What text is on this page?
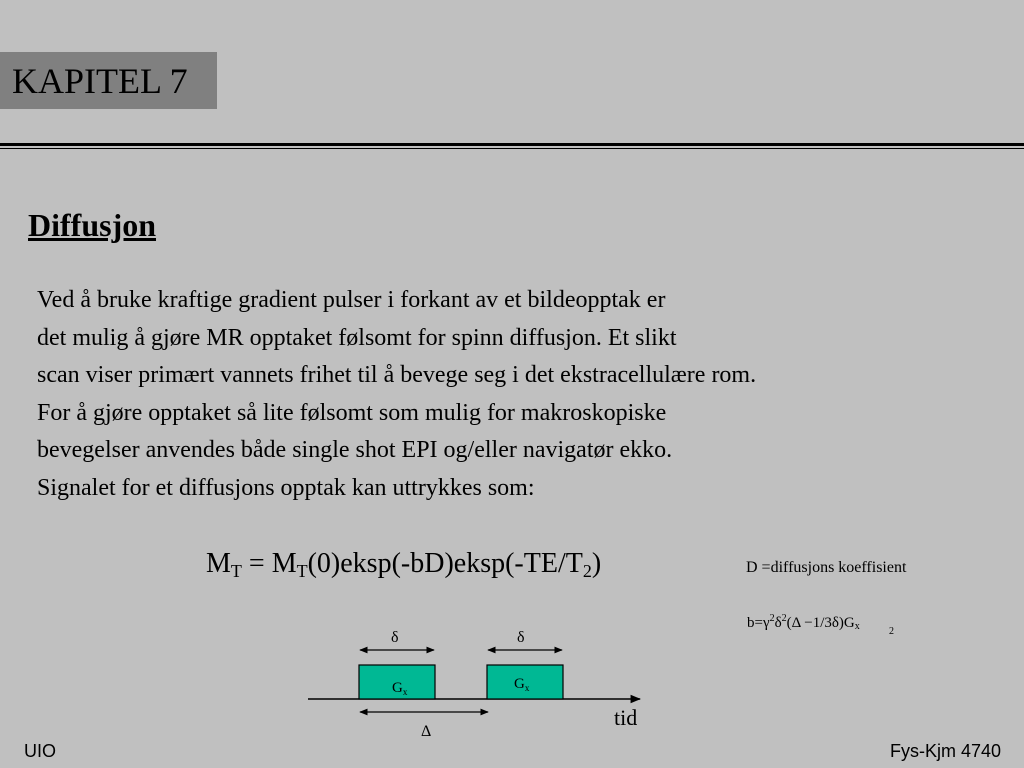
KAPITEL 7
Diffusjon
Ved å bruke kraftige gradient pulser i forkant av et bildeopptak er
det mulig å gjøre MR opptaket følsomt for spinn diffusjon. Et slikt
scan viser primært vannets frihet til å bevege seg i det ekstracellulære rom.
For å gjøre opptaket så lite følsomt som mulig for makroskopiske
bevegelser anvendes både single shot EPI og/eller navigatør ekko.
Signalet for et diffusjons opptak kan uttrykkes som:
$M_T$ = $M_T(0)eksp(-bD)eksp(-TE/T_2)$	D =diffusjons koeffisient
$b=\gamma^2\delta^2(\Delta -1/3\delta)Gx$	2
tid
$G_x$	$G_x$
δ	δ
Δ
UIO	Fys-Kjm 4740
